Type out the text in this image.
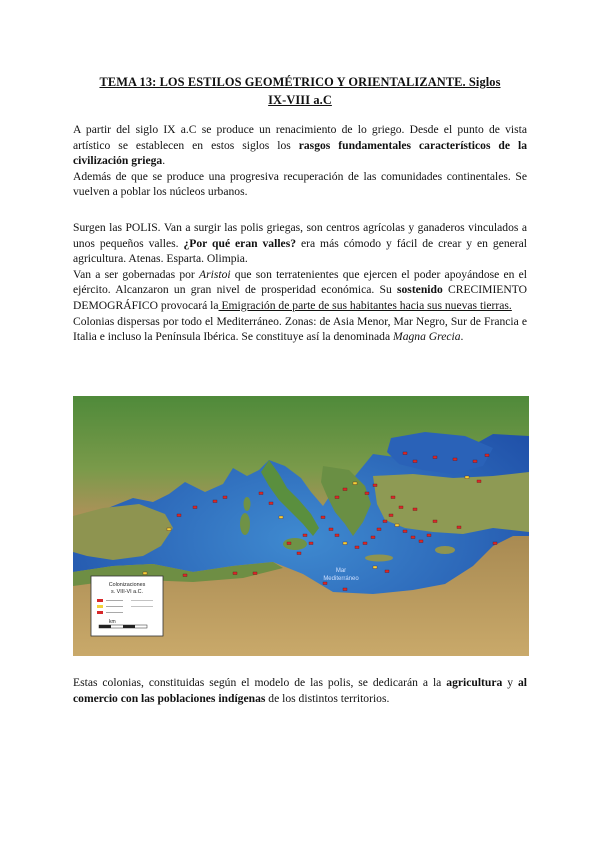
TEMA 13: LOS ESTILOS GEOMÉTRICO Y ORIENTALIZANTE. Siglos
IX-VIII a.C

A partir del siglo IX a.C se produce un renacimiento de lo griego. Desde el punto de vista artístico se establecen en estos siglos los rasgos fundamentales característicos de la civilización griega.

Además de que se produce una progresiva recuperación de las comunidades continentales. Se vuelven a poblar los núcleos urbanos.

Surgen las POLIS. Van a surgir las polis griegas, son centros agrícolas y ganaderos vinculados a unos pequeños valles. ¿Por qué eran valles? era más cómodo y fácil de crear y en general agricultura. Atenas. Esparta. Olimpia.

Van a ser gobernadas por Aristoi que son terratenientes que ejercen el poder apoyándose en el ejército. Alcanzaron un gran nivel de prosperidad económica. Su sostenido CRECIMIENTO DEMOGRÁFICO provocará la Emigración de parte de sus habitantes hacia sus nuevas tierras.

Colonias dispersas por todo el Mediterráneo. Zonas: de Asia Menor, Mar Negro, Sur de Francia e Italia e incluso la Península Ibérica. Se constituye así la denominada Magna Grecia.

Mar
Mediterráneo
Colonizaciones
s. VIII-VI a.C.
km

Estas colonias, constituidas según el modelo de las polis, se dedicarán a la agricultura y al comercio con las poblaciones indígenas de los distintos territorios.
